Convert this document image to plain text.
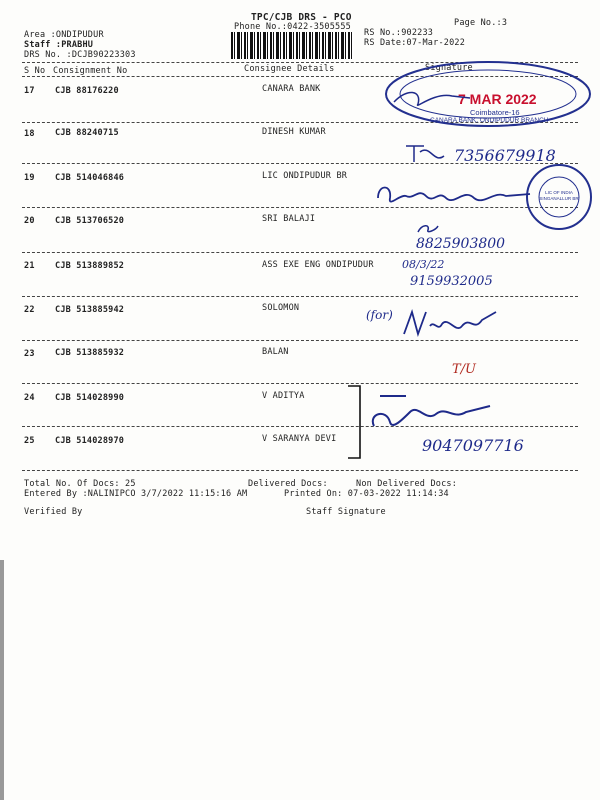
TPC/CJB DRS - PCO
Phone No.:0422-3505555	Page No.:3
Area :ONDIPUDUR
Staff :PRABHU
DRS No. :DCJB90223303
RS No.:902233
RS Date:07-Mar-2022
S No Consignment No	Consignee Details	Signature
17 CJB 88176220	CANARA BANK
18 CJB 88240715	DINESH KUMAR
19 CJB 514046846	LIC ONDIPUDUR BR
20 CJB 513706520	SRI BALAJI
21 CJB 513889852	ASS EXE ENG ONDIPUDUR
22 CJB 513885942	SOLOMON
23 CJB 513885932	BALAN
24 CJB 514028990	V ADITYA
25 CJB 514028970	V SARANYA DEVI
Total No. Of Docs: 25	Delivered Docs:	Non Delivered Docs:
Entered By :NALINIPCO 3/7/2022 11:15:16 AM	Printed On: 07-03-2022 11:14:34
Verified By	Staff Signature
7 MAR 2022
Coimbatore-16
CANARA BANK, ONDIPUDUR BRANCH
LIC OF INDIA SINGANALLUR BR
7356679918
8825903800
08/3/22
9159932005
(for)
T/U
9047097716
